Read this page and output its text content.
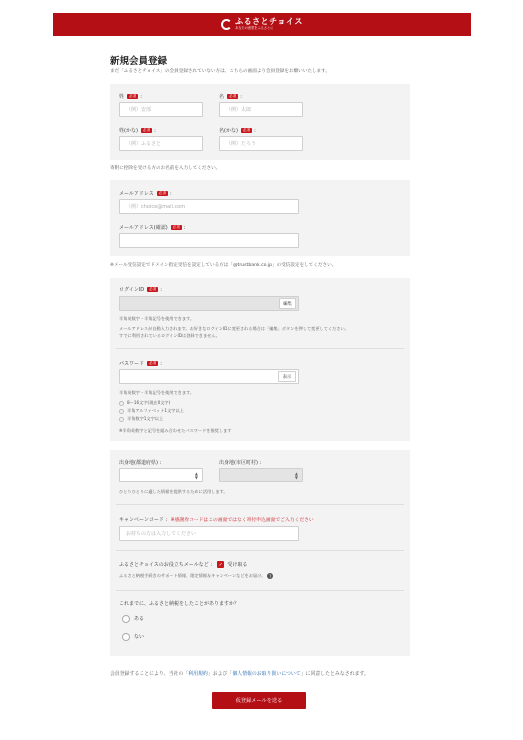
ふるさとチョイス
あなたの意思をふるさとに
新規会員登録
まだ「ふるさとチョイス」の会員登録されていない方は、こちらの画面より会員登録をお願いいたします。
姓	必須 :
（例）安部
名	必須 :
（例）太郎
姓(かな)	必須 :
（例）ふるさと
名(かな)	必須 :
（例）たろう
寄附に控除を受ける方のお名前を入力してください。
メールアドレス	必須 :
（例）choice@mail.com
メールアドレス(確認)	必須 :
※メール受信設定でドメイン指定受信を設定している方は「@trustbank.co.jp」の受信設定をしてください。
ログインID	必須 :
編集
半角英数字・半角記号を使用できます。
メールアドレスが自動入力されます。お好きなログインIDに変更される場合は「編集」ボタンを押して変更してください。
すでに利用されているログインIDは登録できません。
パスワード	必須 :
表示
半角英数字・半角記号を使用できます。
8〜16文字(現在0文字)
半角アルファベット1文字以上
半角数字1文字以上
※半角英数字と記号を組み合わせたパスワードを推奨します
出身地(都道府県) :
▲
▼
出身地(市区町村) :
▲
▼
ひとりひとりに適した情報を提供するために活用します。
キャンペーンコード : ※感謝券コードはこの画面ではなく寄付申込画面でご入力ください
お持ちの方は入力してください
ふるさとチョイスのお役立ちメールなど : ✓ 受け取る
ふるさと納税手続きのサポート情報、限定情報＆キャンペーンなどをお届け。 ?
これまでに、ふるさと納税をしたことがありますか？
ある
ない
会員登録することにより、当社の「利用規約」および「個人情報のお取り扱いについて」に同意したとみなされます。
仮登録メールを送る
